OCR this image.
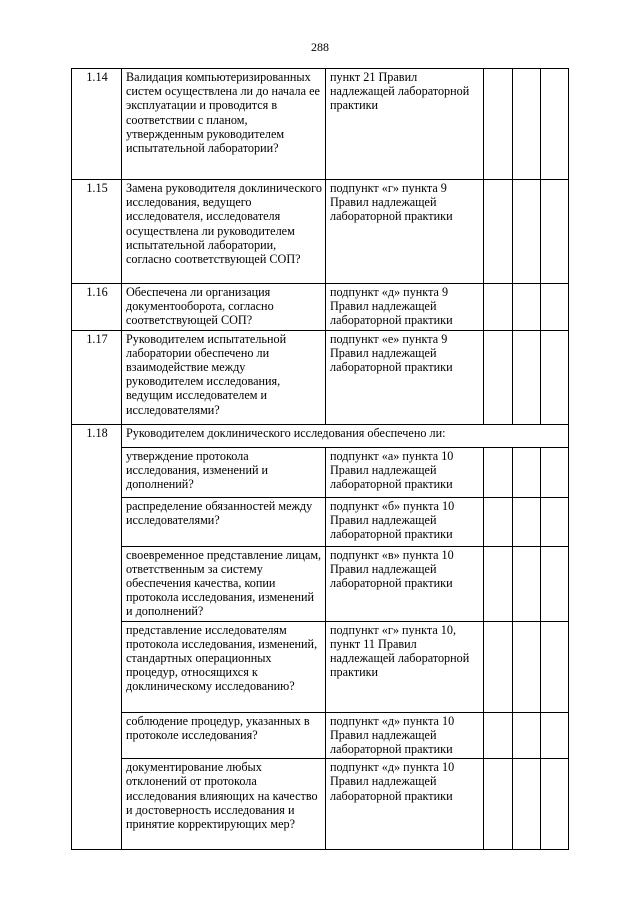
288
1.14	Валидация компьютеризированных систем осуществлена ли до начала ее эксплуатации и проводится в соответствии с планом, утвержденным руководителем испытательной лаборатории?	пункт 21 Правил надлежащей лабораторной практики			
1.15	Замена руководителя доклинического исследования, ведущего исследователя, исследователя осуществлена ли руководителем испытательной лаборатории, согласно соответствующей СОП?	подпункт «г» пункта 9 Правил надлежащей лабораторной практики			
1.16	Обеспечена ли организация документооборота, согласно соответствующей СОП?	подпункт «д» пункта 9 Правил надлежащей лабораторной практики			
1.17	Руководителем испытательной лаборатории обеспечено ли взаимодействие между руководителем исследования, ведущим исследователем и исследователями?	подпункт «е» пункта 9 Правил надлежащей лабораторной практики			
1.18	Руководителем доклинического исследования обеспечено ли:				
	утверждение протокола исследования, изменений и дополнений?	подпункт «а» пункта 10 Правил надлежащей лабораторной практики			
	распределение обязанностей между исследователями?	подпункт «б» пункта 10 Правил надлежащей лабораторной практики			
	своевременное представление лицам, ответственным за систему обеспечения качества, копии протокола исследования, изменений и дополнений?	подпункт «в» пункта 10 Правил надлежащей лабораторной практики			
	представление исследователям протокола исследования, изменений, стандартных операционных процедур, относящихся к доклиническому исследованию?	подпункт «г» пункта 10, пункт 11 Правил надлежащей лабораторной практики			
	соблюдение процедур, указанных в протоколе исследования?	подпункт «д» пункта 10 Правил надлежащей лабораторной практики			
	документирование любых отклонений от протокола исследования влияющих на качество и достоверность исследования и принятие корректирующих мер?	подпункт «д» пункта 10 Правил надлежащей лабораторной практики			
